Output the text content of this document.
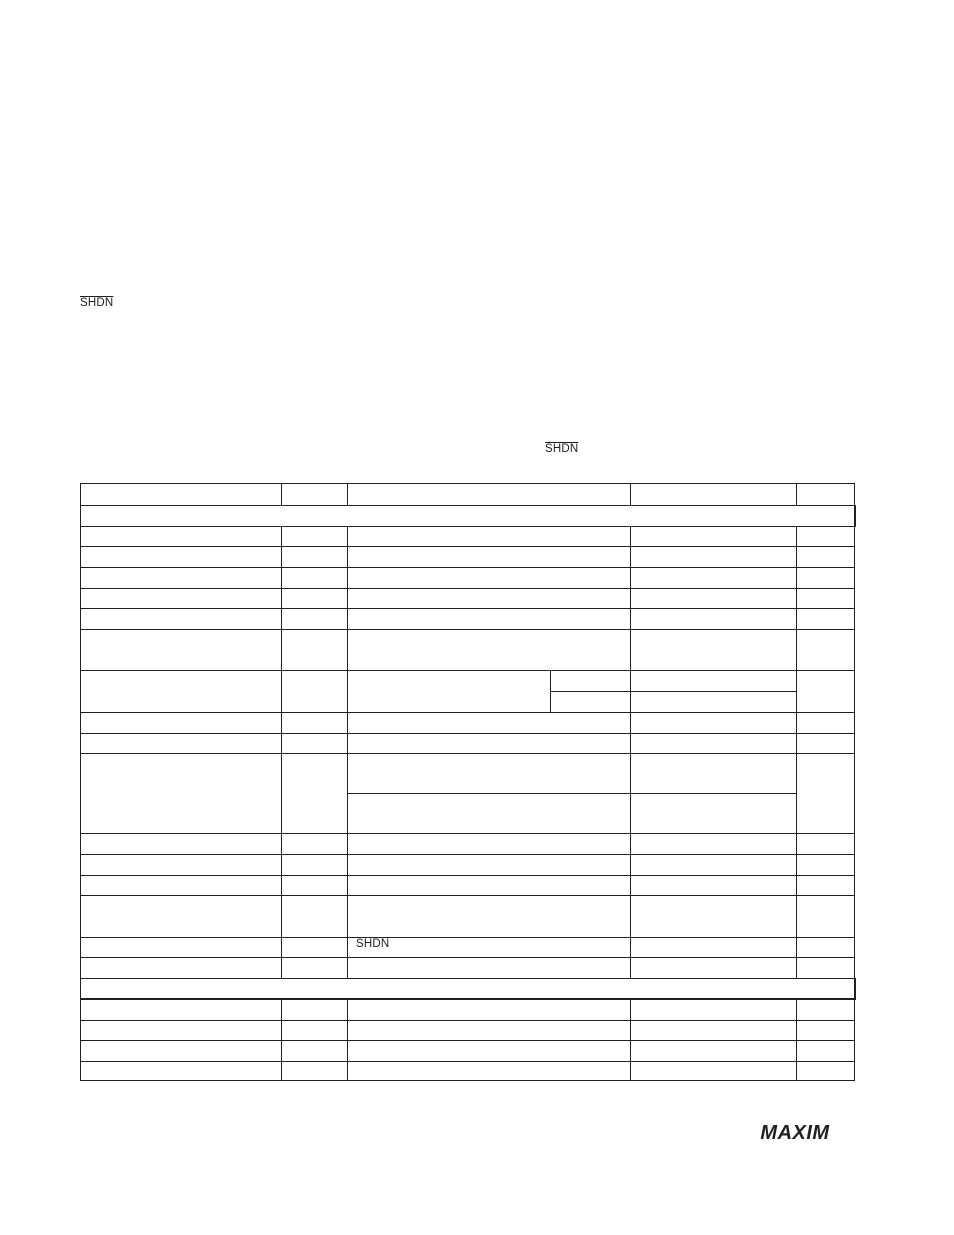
SHDN
SHDN
SHDN
MAXIM
